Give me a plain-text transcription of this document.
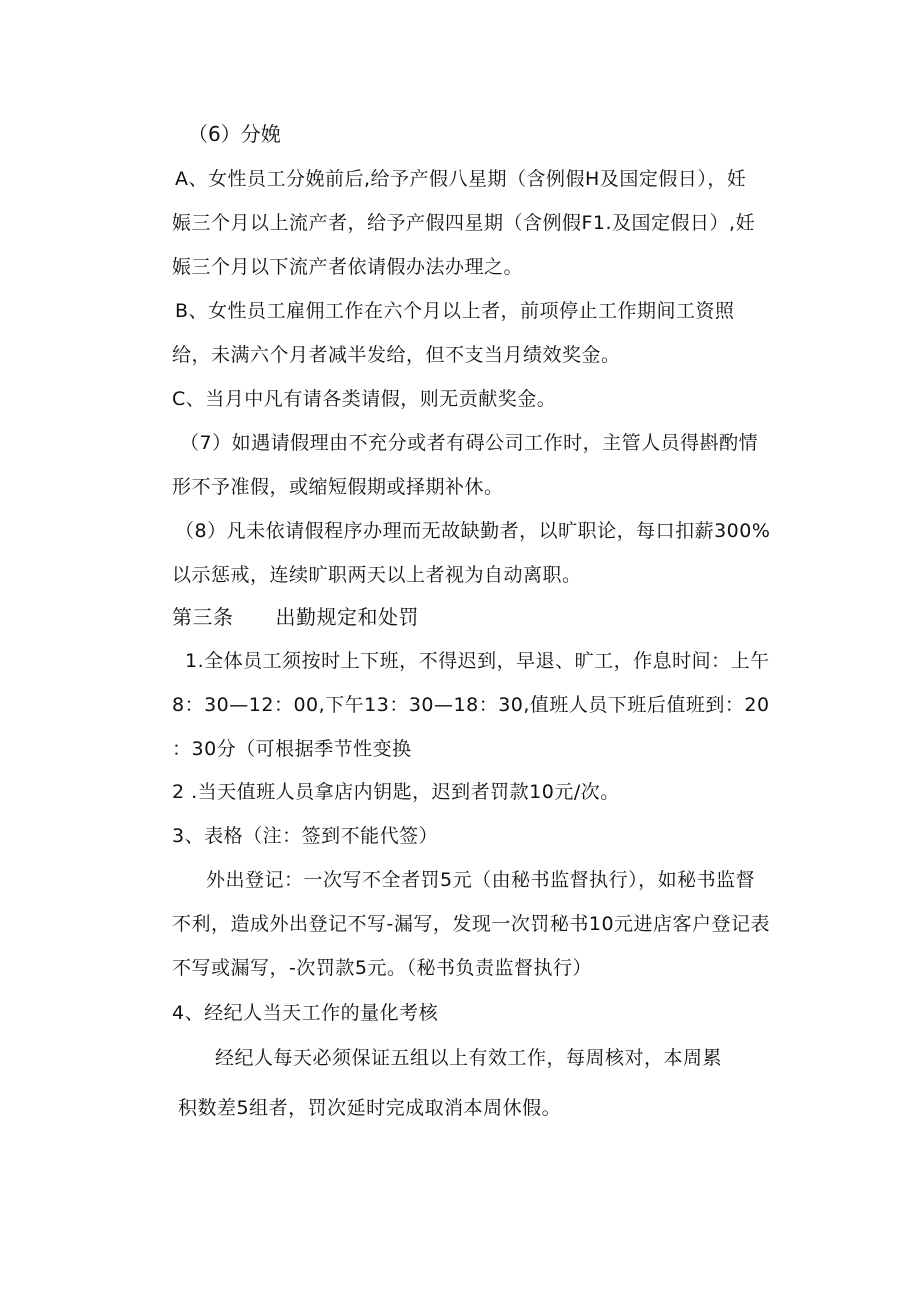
（6）分娩
A、女性员工分娩前后,给予产假八星期（含例假H及国定假日），妊
娠三个月以上流产者，给予产假四星期（含例假F1.及国定假日）,妊
娠三个月以下流产者依请假办法办理之。
B、女性员工雇佣工作在六个月以上者，前项停止工作期间工资照
给，未满六个月者减半发给，但不支当月绩效奖金。
C、当月中凡有请各类请假，则无贡献奖金。
（7）如遇请假理由不充分或者有碍公司工作时，主管人员得斟酌情
形不予准假，或缩短假期或择期补休。
（8）凡未依请假程序办理而无故缺勤者，以旷职论，每口扣薪300%
以示惩戒，连续旷职两天以上者视为自动离职。
第三条 出勤规定和处罚
1.全体员工须按时上下班，不得迟到，早退、旷工，作息时间：上午
8：30—12：00,下午13：30—18：30,值班人员下班后值班到：20
：30分（可根据季节性变换
2 .当天值班人员拿店内钥匙，迟到者罚款10元/次。
3、表格（注：签到不能代签）
外出登记：一次写不全者罚5元（由秘书监督执行），如秘书监督
不利，造成外出登记不写-漏写，发现一次罚秘书10元进店客户登记表
不写或漏写，-次罚款5元。（秘书负责监督执行）
4、经纪人当天工作的量化考核
经纪人每天必须保证五组以上有效工作，每周核对，本周累
积数差5组者，罚次延时完成取消本周休假。
